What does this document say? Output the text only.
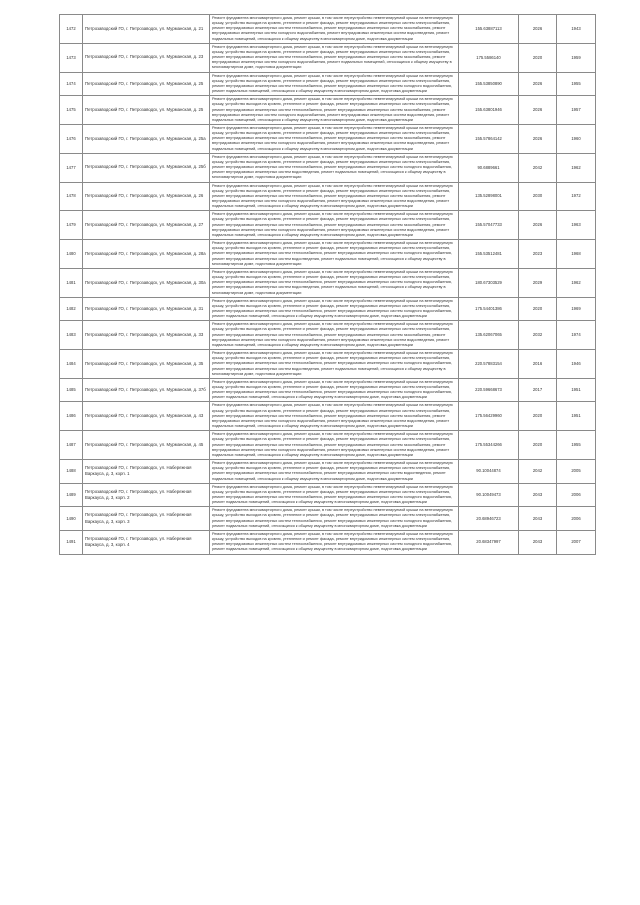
1472	Петрозаводский ГО, г. Петрозаводск, ул. Мурманская, д. 21	Ремонт фундамента многоквартирного дома, ремонт крыши, в том числе переустройство невентилируемой крыши на вентилируемую крышу, устройство выходов на кровлю, утепление и ремонт фасада, ремонт внутридомовых инженерных систем электроснабжения, ремонт внутридомовых инженерных систем теплоснабжения, ремонт внутридомовых инженерных систем газоснабжения, ремонт внутридомовых инженерных систем холодного водоснабжения, ремонт внутридомовых инженерных систем водоотведения, ремонт подвальных помещений, относящихся к общему имуществу в многоквартирном доме, подготовка документации	155.63887113	2026	1943
1473	Петрозаводский ГО, г. Петрозаводск, ул. Мурманская, д. 23	Ремонт фундамента многоквартирного дома, ремонт крыши, в том числе переустройство невентилируемой крыши на вентилируемую крышу, устройство выходов на кровлю, утепление и ремонт фасада, ремонт внутридомовых инженерных систем электроснабжения, ремонт внутридомовых инженерных систем теплоснабжения, ремонт внутридомовых инженерных систем газоснабжения, ремонт внутридомовых инженерных систем холодного водоснабжения, ремонт подвальных помещений, относящихся к общему имуществу в многоквартирном доме, подготовка документации	175.5586140	2020	1959
1474	Петрозаводский ГО, г. Петрозаводск, ул. Мурманская, д. 25	Ремонт фундамента многоквартирного дома, ремонт крыши, в том числе переустройство невентилируемой крыши на вентилируемую крышу, устройство выходов на кровлю, утепление и ремонт фасада, ремонт внутридомовых инженерных систем электроснабжения, ремонт внутридомовых инженерных систем теплоснабжения, ремонт внутридомовых инженерных систем холодного водоснабжения, ремонт подвальных помещений, относящихся к общему имуществу в многоквартирном доме, подготовка документации	155.53850890	2026	1955
1475	Петрозаводский ГО, г. Петрозаводск, ул. Мурманская, д. 25	Ремонт фундамента многоквартирного дома, ремонт крыши, в том числе переустройство невентилируемой крыши на вентилируемую крышу, устройство выходов на кровлю, утепление и ремонт фасада, ремонт внутридомовых инженерных систем электроснабжения, ремонт внутридомовых инженерных систем теплоснабжения, ремонт внутридомовых инженерных систем газоснабжения, ремонт внутридомовых инженерных систем холодного водоснабжения, ремонт внутридомовых инженерных систем водоотведения, ремонт подвальных помещений, относящихся к общему имуществу в многоквартирном доме, подготовка документации	155.63801946	2026	1957
1476	Петрозаводский ГО, г. Петрозаводск, ул. Мурманская, д. 25а	Ремонт фундамента многоквартирного дома, ремонт крыши, в том числе переустройство невентилируемой крыши на вентилируемую крышу, устройство выходов на кровлю, утепление и ремонт фасада, ремонт внутридомовых инженерных систем электроснабжения, ремонт внутридомовых инженерных систем теплоснабжения, ремонт внутридомовых инженерных систем газоснабжения, ремонт внутридомовых инженерных систем холодного водоснабжения, ремонт внутридомовых инженерных систем водоотведения, ремонт подвальных помещений, относящихся к общему имуществу в многоквартирном доме, подготовка документации	155.57864142	2026	1960
1477	Петрозаводский ГО, г. Петрозаводск, ул. Мурманская, д. 25б	Ремонт фундамента многоквартирного дома, ремонт крыши, в том числе переустройство невентилируемой крыши на вентилируемую крышу, устройство выходов на кровлю, утепление и ремонт фасада, ремонт внутридомовых инженерных систем электроснабжения, ремонт внутридомовых инженерных систем теплоснабжения, ремонт внутридомовых инженерных систем холодного водоснабжения, ремонт внутридомовых инженерных систем водоотведения, ремонт подвальных помещений, относящихся к общему имуществу в многоквартирном доме, подготовка документации	90.6889661	2042	1962
1478	Петрозаводский ГО, г. Петрозаводск, ул. Мурманская, д. 26	Ремонт фундамента многоквартирного дома, ремонт крыши, в том числе переустройство невентилируемой крыши на вентилируемую крышу, устройство выходов на кровлю, утепление и ремонт фасада, ремонт внутридомовых инженерных систем электроснабжения, ремонт внутридомовых инженерных систем теплоснабжения, ремонт внутридомовых инженерных систем газоснабжения, ремонт внутридомовых инженерных систем холодного водоснабжения, ремонт внутридомовых инженерных систем водоотведения, ремонт подвальных помещений, относящихся к общему имуществу в многоквартирном доме, подготовка документации	135.52898001	2030	1972
1479	Петрозаводский ГО, г. Петрозаводск, ул. Мурманская, д. 27	Ремонт фундамента многоквартирного дома, ремонт крыши, в том числе переустройство невентилируемой крыши на вентилируемую крышу, устройство выходов на кровлю, утепление и ремонт фасада, ремонт внутридомовых инженерных систем электроснабжения, ремонт внутридомовых инженерных систем теплоснабжения, ремонт внутридомовых инженерных систем газоснабжения, ремонт внутридомовых инженерных систем холодного водоснабжения, ремонт внутридомовых инженерных систем водоотведения, ремонт подвальных помещений, относящихся к общему имуществу в многоквартирном доме, подготовка документации	155.57047733	2026	1963
1480	Петрозаводский ГО, г. Петрозаводск, ул. Мурманская, д. 28а	Ремонт фундамента многоквартирного дома, ремонт крыши, в том числе переустройство невентилируемой крыши на вентилируемую крышу, устройство выходов на кровлю, утепление и ремонт фасада, ремонт внутридомовых инженерных систем электроснабжения, ремонт внутридомовых инженерных систем теплоснабжения, ремонт внутридомовых инженерных систем холодного водоснабжения, ремонт внутридомовых инженерных систем водоотведения, ремонт подвальных помещений, относящихся к общему имуществу в многоквартирном доме, подготовка документации	155.53512481	2023	1968
1481	Петрозаводский ГО, г. Петрозаводск, ул. Мурманская, д. 30а	Ремонт фундамента многоквартирного дома, ремонт крыши, в том числе переустройство невентилируемой крыши на вентилируемую крышу, устройство выходов на кровлю, утепление и ремонт фасада, ремонт внутридомовых инженерных систем электроснабжения, ремонт внутридомовых инженерных систем теплоснабжения, ремонт внутридомовых инженерных систем холодного водоснабжения, ремонт внутридомовых инженерных систем водоотведения, ремонт подвальных помещений, относящихся к общему имуществу в многоквартирном доме, подготовка документации	180.67303529	2029	1962
1482	Петрозаводский ГО, г. Петрозаводск, ул. Мурманская, д. 31	Ремонт фундамента многоквартирного дома, ремонт крыши, в том числе переустройство невентилируемой крыши на вентилируемую крышу, устройство выходов на кровлю, утепление и ремонт фасада, ремонт внутридомовых инженерных систем электроснабжения, ремонт внутридомовых инженерных систем теплоснабжения, ремонт внутридомовых инженерных систем холодного водоснабжения, ремонт подвальных помещений, относящихся к общему имуществу в многоквартирном доме, подготовка документации	175.54401386	2020	1969
1483	Петрозаводский ГО, г. Петрозаводск, ул. Мурманская, д. 33	Ремонт фундамента многоквартирного дома, ремонт крыши, в том числе переустройство невентилируемой крыши на вентилируемую крышу, устройство выходов на кровлю, утепление и ремонт фасада, ремонт внутридомовых инженерных систем электроснабжения, ремонт внутридомовых инженерных систем теплоснабжения, ремонт внутридомовых инженерных систем газоснабжения, ремонт внутридомовых инженерных систем холодного водоснабжения, ремонт внутридомовых инженерных систем водоотведения, ремонт подвальных помещений, относящихся к общему имуществу в многоквартирном доме, подготовка документации	135.62067065	2032	1974
1484	Петрозаводский ГО, г. Петрозаводск, ул. Мурманская, д. 35	Ремонт фундамента многоквартирного дома, ремонт крыши, в том числе переустройство невентилируемой крыши на вентилируемую крышу, устройство выходов на кровлю, утепление и ремонт фасада, ремонт внутридомовых инженерных систем электроснабжения, ремонт внутридомовых инженерных систем теплоснабжения, ремонт внутридомовых инженерных систем холодного водоснабжения, ремонт внутридомовых инженерных систем водоотведения, ремонт подвальных помещений, относящихся к общему имуществу в многоквартирном доме, подготовка документации	220.57883154	2016	1946
1485	Петрозаводский ГО, г. Петрозаводск, ул. Мурманская, д. 37б	Ремонт фундамента многоквартирного дома, ремонт крыши, в том числе переустройство невентилируемой крыши на вентилируемую крышу, устройство выходов на кровлю, утепление и ремонт фасада, ремонт внутридомовых инженерных систем электроснабжения, ремонт внутридомовых инженерных систем теплоснабжения, ремонт внутридомовых инженерных систем холодного водоснабжения, ремонт подвальных помещений, относящихся к общему имуществу в многоквартирном доме, подготовка документации	220.59668673	2017	1951
1486	Петрозаводский ГО, г. Петрозаводск, ул. Мурманская, д. 43	Ремонт фундамента многоквартирного дома, ремонт крыши, в том числе переустройство невентилируемой крыши на вентилируемую крышу, устройство выходов на кровлю, утепление и ремонт фасада, ремонт внутридомовых инженерных систем электроснабжения, ремонт внутридомовых инженерных систем теплоснабжения, ремонт внутридомовых инженерных систем газоснабжения, ремонт внутридомовых инженерных систем холодного водоснабжения, ремонт внутридомовых инженерных систем водоотведения, ремонт подвальных помещений, относящихся к общему имуществу в многоквартирном доме, подготовка документации	175.56429960	2020	1951
1487	Петрозаводский ГО, г. Петрозаводск, ул. Мурманская, д. 45	Ремонт фундамента многоквартирного дома, ремонт крыши, в том числе переустройство невентилируемой крыши на вентилируемую крышу, устройство выходов на кровлю, утепление и ремонт фасада, ремонт внутридомовых инженерных систем электроснабжения, ремонт внутридомовых инженерных систем теплоснабжения, ремонт внутридомовых инженерных систем газоснабжения, ремонт внутридомовых инженерных систем холодного водоснабжения, ремонт внутридомовых инженерных систем водоотведения, ремонт подвальных помещений, относящихся к общему имуществу в многоквартирном доме, подготовка документации	175.55344266	2020	1955
1488	Петрозаводский ГО, г. Петрозаводск, ул. Набережная Варкауса, д. 3, корп. 1	Ремонт фундамента многоквартирного дома, ремонт крыши, в том числе переустройство невентилируемой крыши на вентилируемую крышу, устройство выходов на кровлю, утепление и ремонт фасада, ремонт внутридомовых инженерных систем электроснабжения, ремонт внутридомовых инженерных систем теплоснабжения, ремонт внутридомовых инженерных систем водоотведения, ремонт подвальных помещений, относящихся к общему имуществу в многоквартирном доме, подготовка документации	90.10044874	2042	2005
1489	Петрозаводский ГО, г. Петрозаводск, ул. Набережная Варкауса, д. 3, корп. 2	Ремонт фундамента многоквартирного дома, ремонт крыши, в том числе переустройство невентилируемой крыши на вентилируемую крышу, устройство выходов на кровлю, утепление и ремонт фасада, ремонт внутридомовых инженерных систем электроснабжения, ремонт внутридомовых инженерных систем теплоснабжения, ремонт внутридомовых инженерных систем холодного водоснабжения, ремонт подвальных помещений, относящихся к общему имуществу в многоквартирном доме, подготовка документации	90.10049473	2043	2006
1490	Петрозаводский ГО, г. Петрозаводск, ул. Набережная Варкауса, д. 3, корп. 3	Ремонт фундамента многоквартирного дома, ремонт крыши, в том числе переустройство невентилируемой крыши на вентилируемую крышу, устройство выходов на кровлю, утепление и ремонт фасада, ремонт внутридомовых инженерных систем электроснабжения, ремонт внутридомовых инженерных систем теплоснабжения, ремонт внутридомовых инженерных систем холодного водоснабжения, ремонт подвальных помещений, относящихся к общему имуществу в многоквартирном доме, подготовка документации	20.68946723	2043	2006
1491	Петрозаводский ГО, г. Петрозаводск, ул. Набережная Варкауса, д. 3, корп. 4	Ремонт фундамента многоквартирного дома, ремонт крыши, в том числе переустройство невентилируемой крыши на вентилируемую крышу, устройство выходов на кровлю, утепление и ремонт фасада, ремонт внутридомовых инженерных систем электроснабжения, ремонт внутридомовых инженерных систем теплоснабжения, ремонт внутридомовых инженерных систем холодного водоснабжения, ремонт подвальных помещений, относящихся к общему имуществу в многоквартирном доме, подготовка документации	20.68347997	2043	2007
